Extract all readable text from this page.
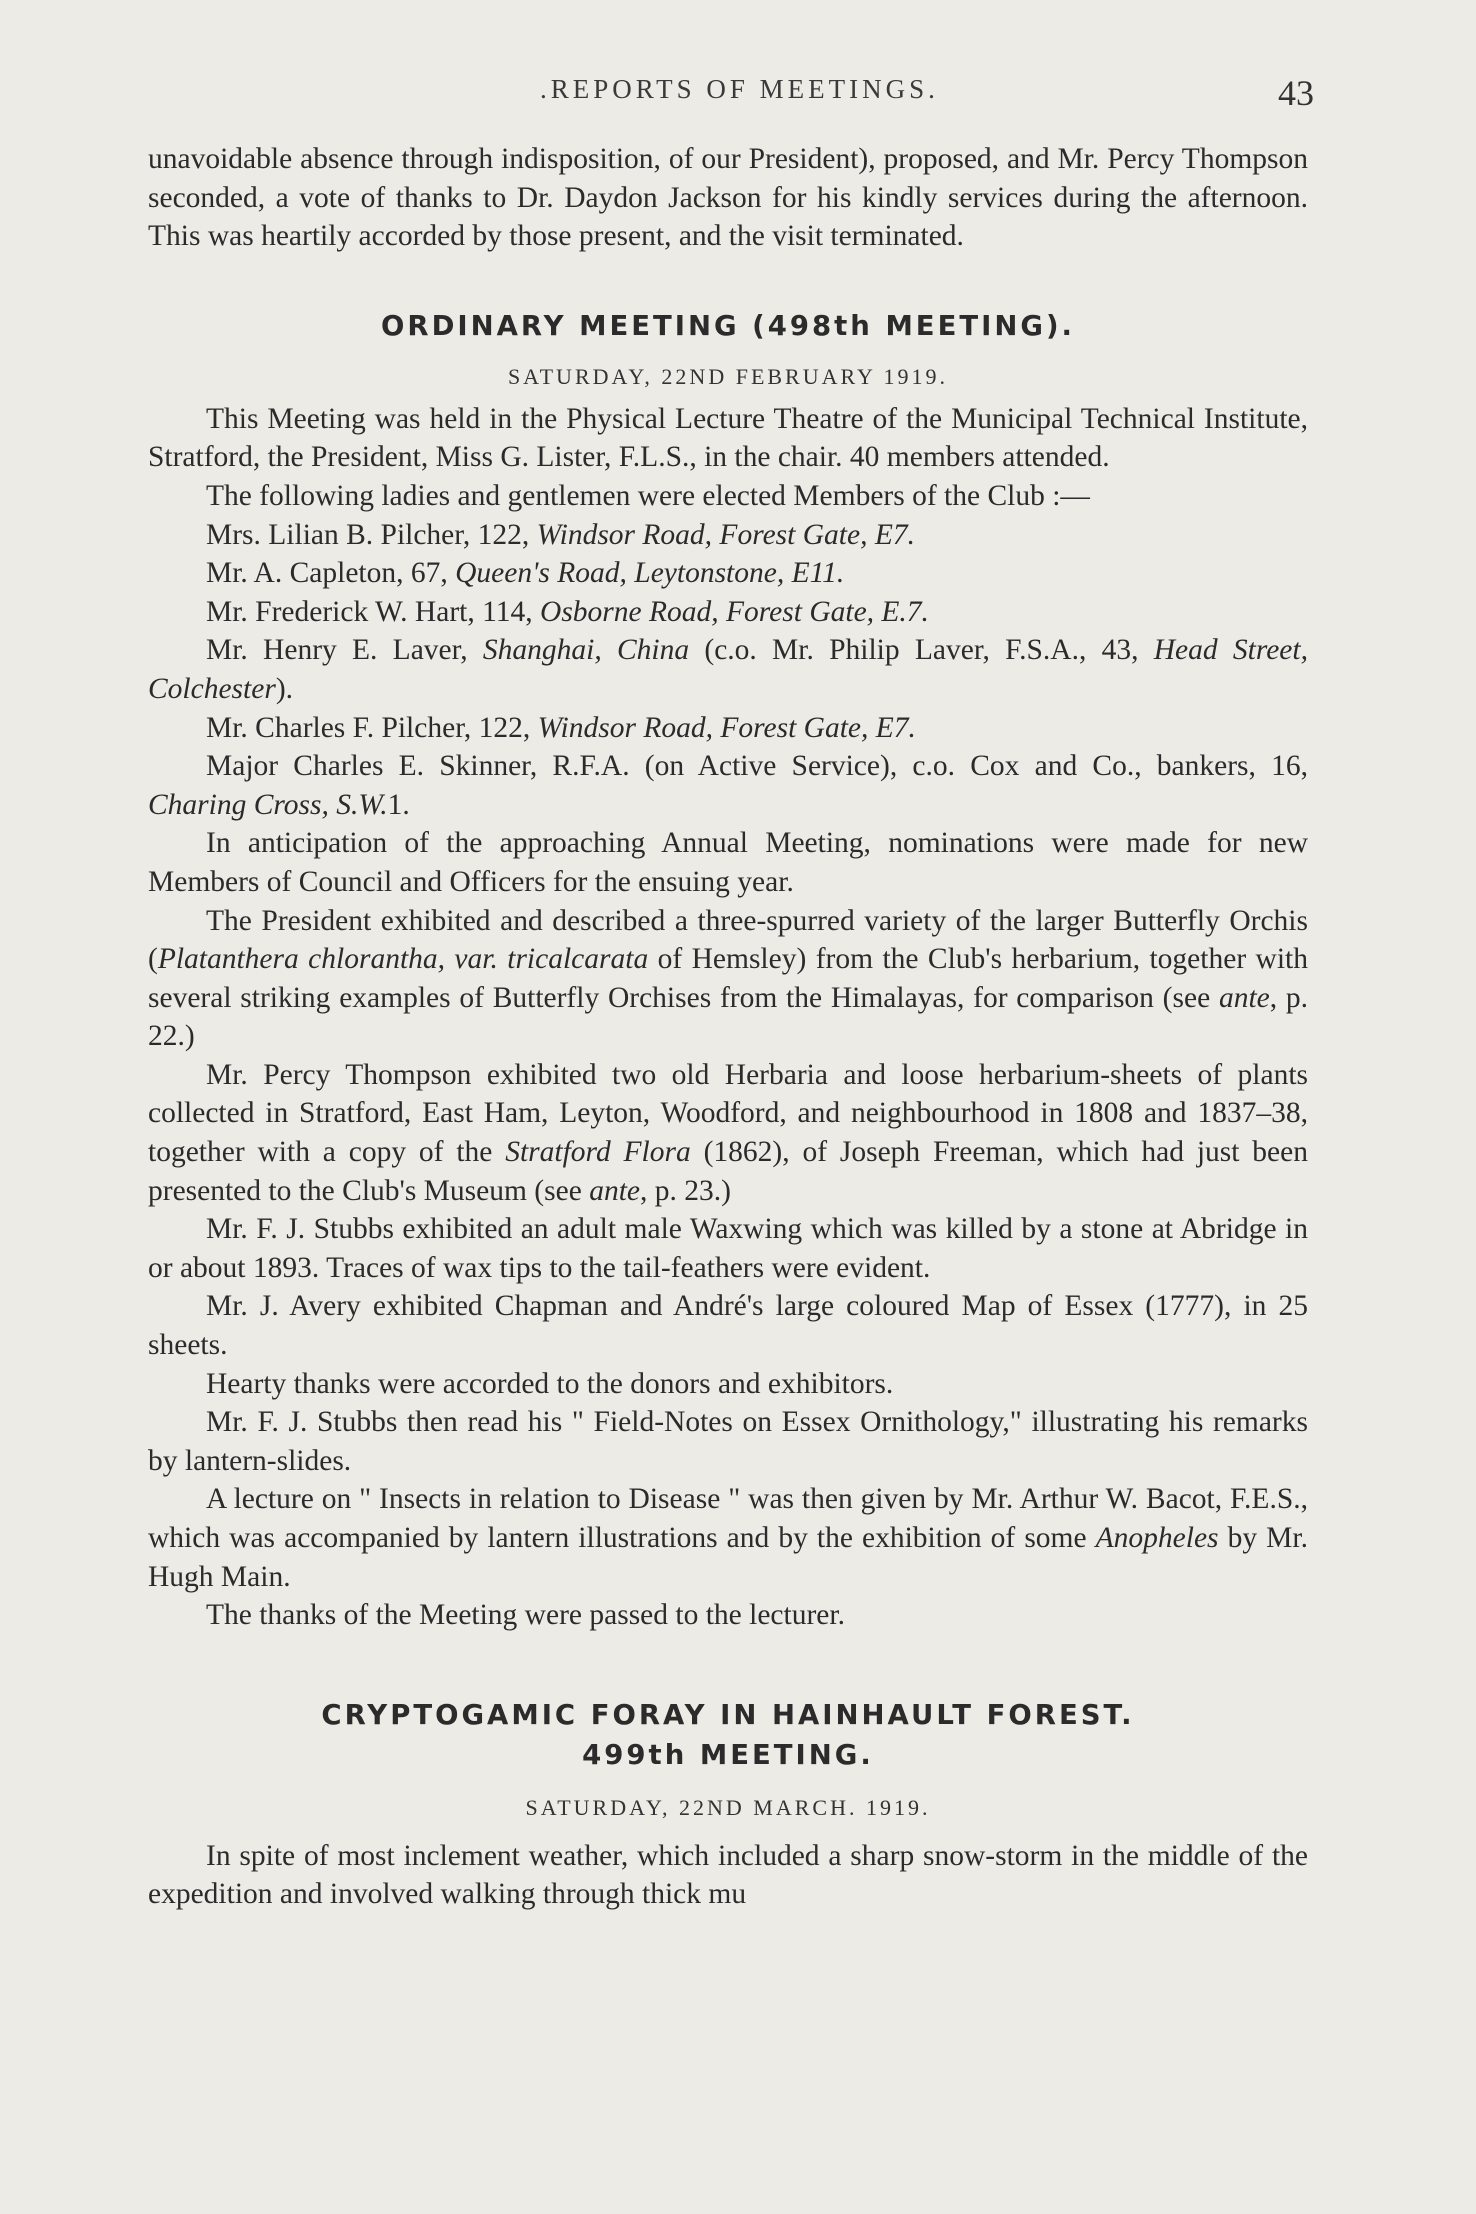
.REPORTS OF MEETINGS.	43

unavoidable absence through indisposition, of our President), proposed, and Mr. Percy Thompson seconded, a vote of thanks to Dr. Daydon Jackson for his kindly services during the afternoon. This was heartily accorded by those present, and the visit terminated.

ORDINARY MEETING (498th MEETING).
SATURDAY, 22ND FEBRUARY 1919.

This Meeting was held in the Physical Lecture Theatre of the Municipal Technical Institute, Stratford, the President, Miss G. Lister, F.L.S., in the chair. 40 members attended.

The following ladies and gentlemen were elected Members of the Club :—

Mrs. Lilian B. Pilcher, 122, Windsor Road, Forest Gate, E7.

Mr. A. Capleton, 67, Queen's Road, Leytonstone, E11.

Mr. Frederick W. Hart, 114, Osborne Road, Forest Gate, E.7.

Mr. Henry E. Laver, Shanghai, China (c.o. Mr. Philip Laver, F.S.A., 43, Head Street, Colchester).

Mr. Charles F. Pilcher, 122, Windsor Road, Forest Gate, E7.

Major Charles E. Skinner, R.F.A. (on Active Service), c.o. Cox and Co., bankers, 16, Charing Cross, S.W.1.

In anticipation of the approaching Annual Meeting, nominations were made for new Members of Council and Officers for the ensuing year.

The President exhibited and described a three-spurred variety of the larger Butterfly Orchis (Platanthera chlorantha, var. tricalcarata of Hemsley) from the Club's herbarium, together with several striking examples of Butterfly Orchises from the Himalayas, for comparison (see ante, p. 22.)

Mr. Percy Thompson exhibited two old Herbaria and loose herbarium-sheets of plants collected in Stratford, East Ham, Leyton, Woodford, and neighbourhood in 1808 and 1837–38, together with a copy of the Stratford Flora (1862), of Joseph Freeman, which had just been presented to the Club's Museum (see ante, p. 23.)

Mr. F. J. Stubbs exhibited an adult male Waxwing which was killed by a stone at Abridge in or about 1893. Traces of wax tips to the tail-feathers were evident.

Mr. J. Avery exhibited Chapman and André's large coloured Map of Essex (1777), in 25 sheets.

Hearty thanks were accorded to the donors and exhibitors.

Mr. F. J. Stubbs then read his " Field-Notes on Essex Ornithology," illustrating his remarks by lantern-slides.

A lecture on " Insects in relation to Disease " was then given by Mr. Arthur W. Bacot, F.E.S., which was accompanied by lantern illustrations and by the exhibition of some Anopheles by Mr. Hugh Main.

The thanks of the Meeting were passed to the lecturer.

CRYPTOGAMIC FORAY IN HAINHAULT FOREST.
499th MEETING.
SATURDAY, 22ND MARCH. 1919.

In spite of most inclement weather, which included a sharp snow-storm in the middle of the expedition and involved walking through thick mu
